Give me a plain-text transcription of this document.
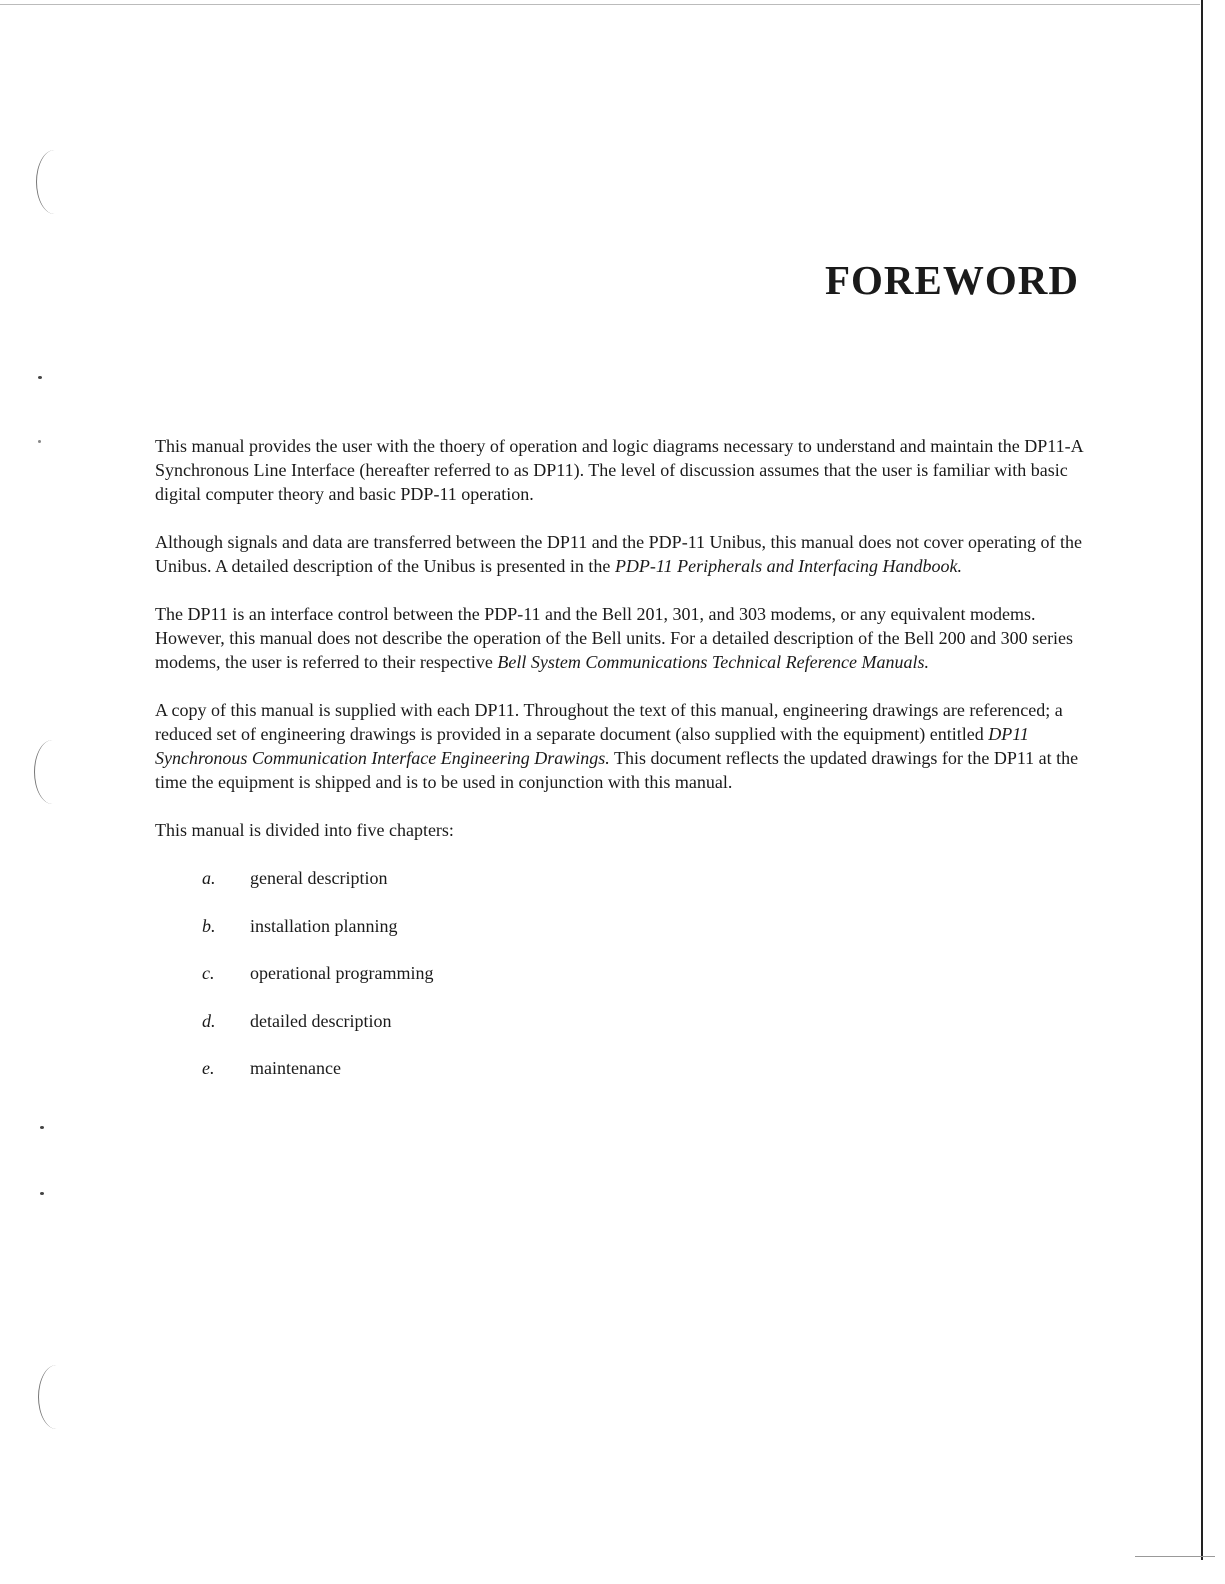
FOREWORD

This manual provides the user with the thoery of operation and logic diagrams necessary to understand and maintain the DP11-A Synchronous Line Interface (hereafter referred to as DP11). The level of discussion assumes that the user is familiar with basic digital computer theory and basic PDP-11 operation.

Although signals and data are transferred between the DP11 and the PDP-11 Unibus, this manual does not cover operating of the Unibus. A detailed description of the Unibus is presented in the PDP-11 Peripherals and Interfacing Handbook.

The DP11 is an interface control between the PDP-11 and the Bell 201, 301, and 303 modems, or any equivalent modems. However, this manual does not describe the operation of the Bell units. For a detailed description of the Bell 200 and 300 series modems, the user is referred to their respective Bell System Communications Technical Reference Manuals.

A copy of this manual is supplied with each DP11. Throughout the text of this manual, engineering drawings are referenced; a reduced set of engineering drawings is provided in a separate document (also supplied with the equipment) entitled DP11 Synchronous Communication Interface Engineering Drawings. This document reflects the updated drawings for the DP11 at the time the equipment is shipped and is to be used in conjunction with this manual.

This manual is divided into five chapters:

a.	general description
b.	installation planning
c.	operational programming
d.	detailed description
e.	maintenance
